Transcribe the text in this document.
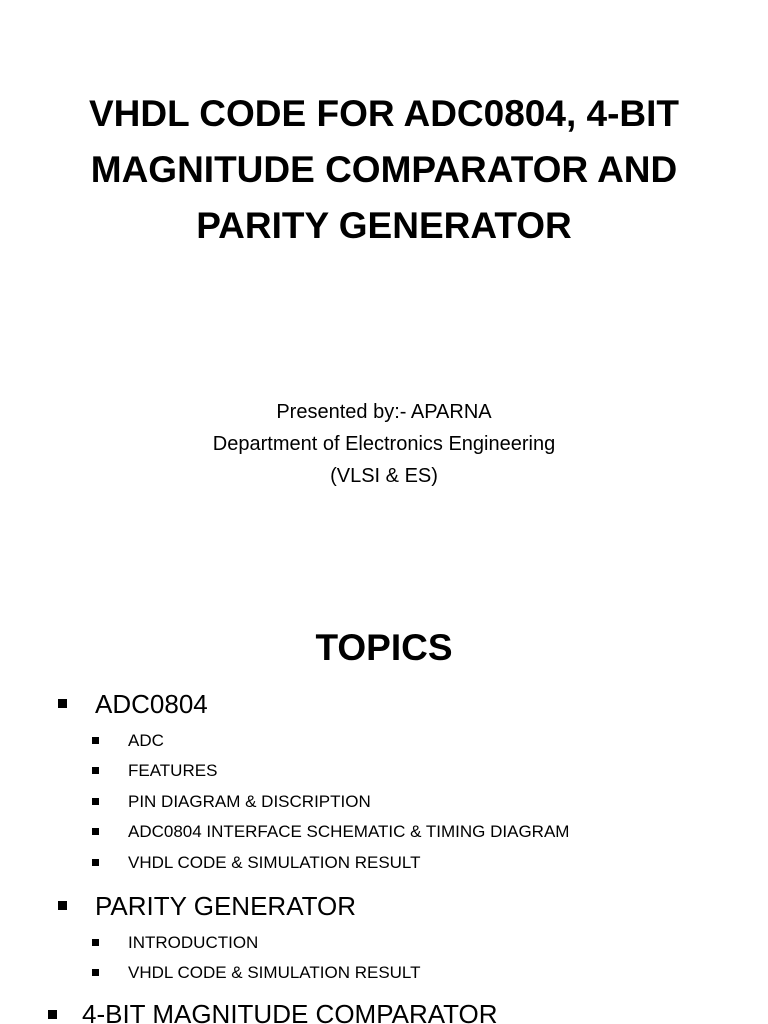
VHDL CODE FOR ADC0804, 4-BIT
MAGNITUDE COMPARATOR AND
PARITY GENERATOR
Presented by:- APARNA
Department of Electronics Engineering
(VLSI & ES)
TOPICS
ADC0804
ADC
FEATURES
PIN DIAGRAM & DISCRIPTION
ADC0804 INTERFACE SCHEMATIC & TIMING DIAGRAM
VHDL CODE & SIMULATION RESULT
PARITY GENERATOR
INTRODUCTION
VHDL CODE & SIMULATION RESULT
4-BIT MAGNITUDE COMPARATOR
